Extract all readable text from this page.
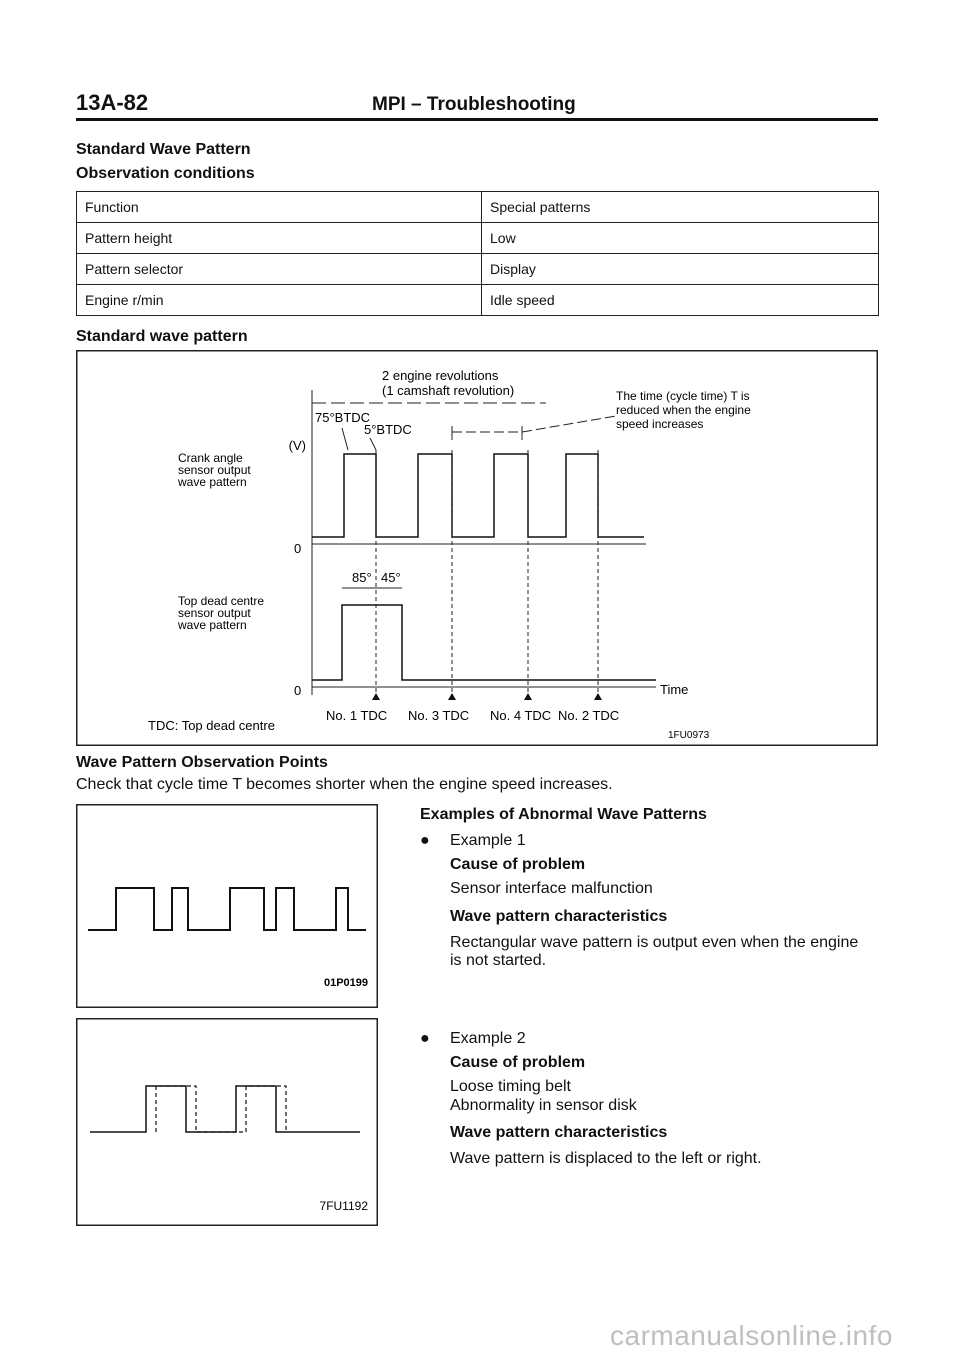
13A-82	MPI – Troubleshooting
Standard Wave Pattern
Observation conditions
Function	Special patterns
Pattern height	Low
Pattern selector	Display
Engine r/min	Idle speed
Standard wave pattern
2 engine revolutions
(1 camshaft revolution)
75°BTDC
5°BTDC
The time (cycle time) T is
reduced when the engine
speed increases
(V)
Crank angle
sensor output
wave pattern
0
85° 45°
Top dead centre
sensor output
wave pattern
0	Time
No. 1 TDC No. 3 TDC No. 4 TDC No. 2 TDC
TDC: Top dead centre
1FU0973
Wave Pattern Observation Points
Check that cycle time T becomes shorter when the engine speed increases.
01P0199
Examples of Abnormal Wave Patterns
● Example 1
Cause of problem
Sensor interface malfunction
Wave pattern characteristics
Rectangular wave pattern is output even when the engine
is not started.
7FU1192
● Example 2
Cause of problem
Loose timing belt
Abnormality in sensor disk
Wave pattern characteristics
Wave pattern is displaced to the left or right.
carmanualsonline.info
